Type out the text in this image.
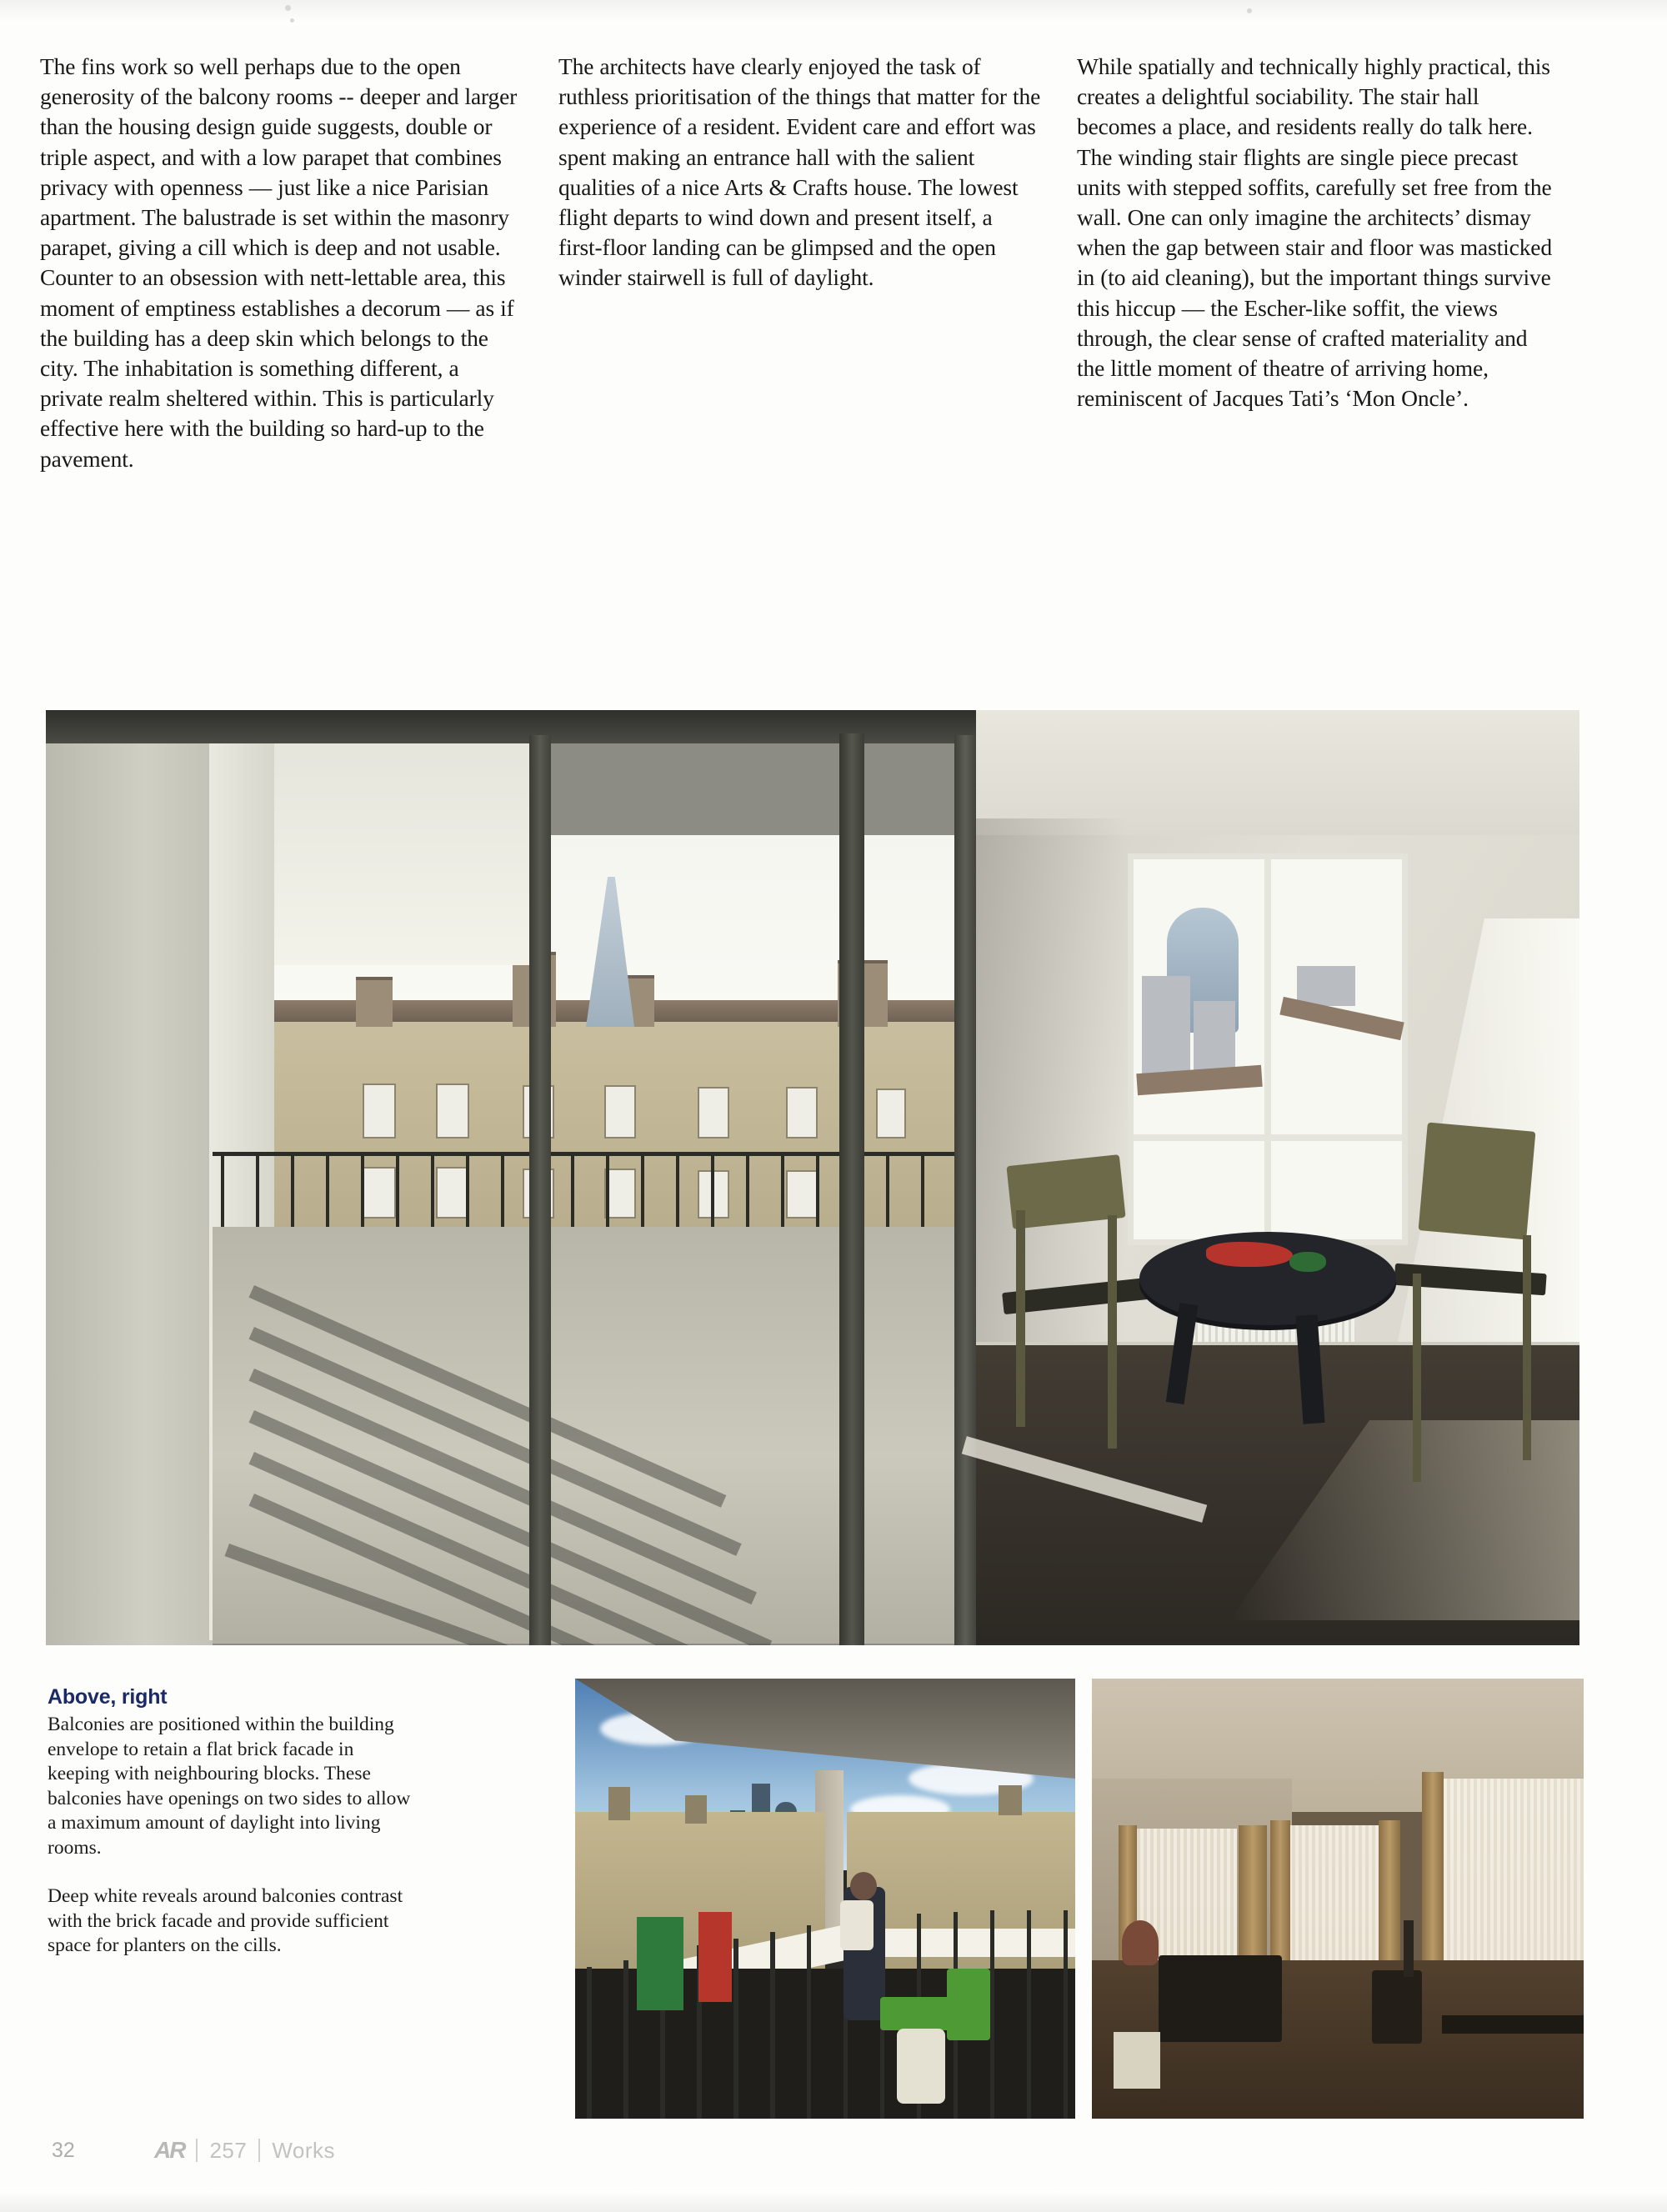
The fins work so well perhaps due to the open generosity of the balcony rooms -- deeper and larger than the housing design guide suggests, double or triple aspect, and with a low parapet that combines privacy with openness — just like a nice Parisian apartment. The balustrade is set within the masonry parapet, giving a cill which is deep and not usable. Counter to an obsession with nett-lettable area, this moment of emptiness establishes a decorum — as if the building has a deep skin which belongs to the city. The inhabitation is something different, a private realm sheltered within. This is particularly effective here with the building so hard-up to the pavement.

The architects have clearly enjoyed the task of ruthless prioritisation of the things that matter for the experience of a resident. Evident care and effort was spent making an entrance hall with the salient qualities of a nice Arts & Crafts house. The lowest flight departs to wind down and present itself, a first-floor landing can be glimpsed and the open winder stairwell is full of daylight.

While spatially and technically highly practical, this creates a delightful sociability. The stair hall becomes a place, and residents really do talk here. The winding stair flights are single piece precast units with stepped soffits, carefully set free from the wall. One can only imagine the architects’ dismay when the gap between stair and floor was masticked in (to aid cleaning), but the important things survive this hiccup — the Escher-like soffit, the views through, the clear sense of crafted materiality and the little moment of theatre of arriving home, reminiscent of Jacques Tati’s ‘Mon Oncle’.

Above, right

Balconies are positioned within the building envelope to retain a flat brick facade in keeping with neighbouring blocks. These balconies have openings on two sides to allow a maximum amount of daylight into living rooms.

Deep white reveals around balconies contrast with the brick facade and provide sufficient space for planters on the cills.

32	AR 257 Works
